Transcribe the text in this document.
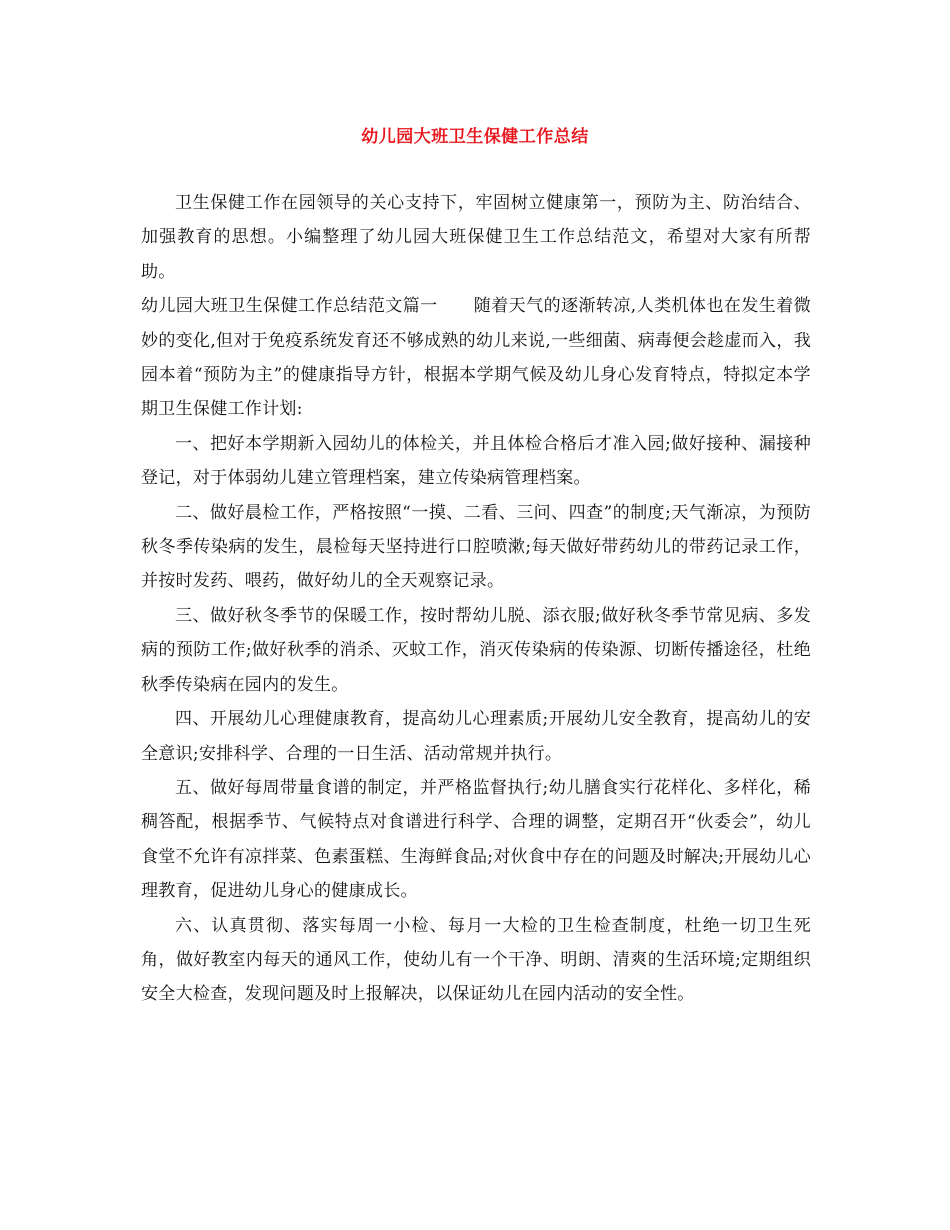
幼儿园大班卫生保健工作总结

卫生保健工作在园领导的关心支持下，牢固树立健康第一，预防为主、防治结合、加强教育的思想。小编整理了幼儿园大班保健卫生工作总结范文，希望对大家有所帮助。

幼儿园大班卫生保健工作总结范文篇一 随着天气的逐渐转凉,人类机体也在发生着微妙的变化,但对于免疫系统发育还不够成熟的幼儿来说,一些细菌、病毒便会趁虚而入，我园本着“预防为主”的健康指导方针，根据本学期气候及幼儿身心发育特点，特拟定本学期卫生保健工作计划:

一、把好本学期新入园幼儿的体检关，并且体检合格后才准入园;做好接种、漏接种登记，对于体弱幼儿建立管理档案，建立传染病管理档案。

二、做好晨检工作，严格按照“一摸、二看、三问、四查”的制度;天气渐凉，为预防秋冬季传染病的发生，晨检每天坚持进行口腔喷漱;每天做好带药幼儿的带药记录工作，并按时发药、喂药，做好幼儿的全天观察记录。

三、做好秋冬季节的保暖工作，按时帮幼儿脱、添衣服;做好秋冬季节常见病、多发病的预防工作;做好秋季的消杀、灭蚊工作，消灭传染病的传染源、切断传播途径，杜绝秋季传染病在园内的发生。

四、开展幼儿心理健康教育，提高幼儿心理素质;开展幼儿安全教育，提高幼儿的安全意识;安排科学、合理的一日生活、活动常规并执行。

五、做好每周带量食谱的制定，并严格监督执行;幼儿膳食实行花样化、多样化，稀稠答配，根据季节、气候特点对食谱进行科学、合理的调整，定期召开“伙委会”，幼儿食堂不允许有凉拌菜、色素蛋糕、生海鲜食品;对伙食中存在的问题及时解决;开展幼儿心理教育，促进幼儿身心的健康成长。

六、认真贯彻、落实每周一小检、每月一大检的卫生检查制度，杜绝一切卫生死角，做好教室内每天的通风工作，使幼儿有一个干净、明朗、清爽的生活环境;定期组织安全大检查，发现问题及时上报解决，以保证幼儿在园内活动的安全性。
